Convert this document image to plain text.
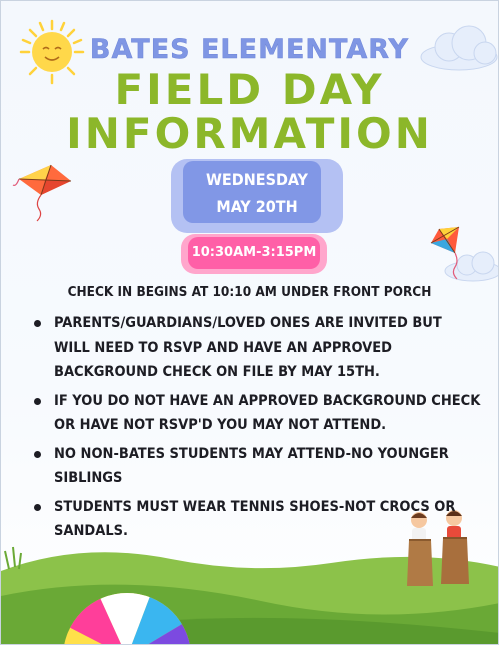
BATES ELEMENTARY
FIELD DAY
INFORMATION
WEDNESDAY
MAY 20TH
10:30AM-3:15PM

CHECK IN BEGINS AT 10:10 AM UNDER FRONT PORCH

PARENTS/GUARDIANS/LOVED ONES ARE INVITED BUT WILL NEED TO RSVP AND HAVE AN APPROVED BACKGROUND CHECK ON FILE BY MAY 15TH.
IF YOU DO NOT HAVE AN APPROVED BACKGROUND CHECK OR HAVE NOT RSVP'D YOU MAY NOT ATTEND.
NO NON-BATES STUDENTS MAY ATTEND-NO YOUNGER SIBLINGS
STUDENTS MUST WEAR TENNIS SHOES-NOT CROCS OR SANDALS.
